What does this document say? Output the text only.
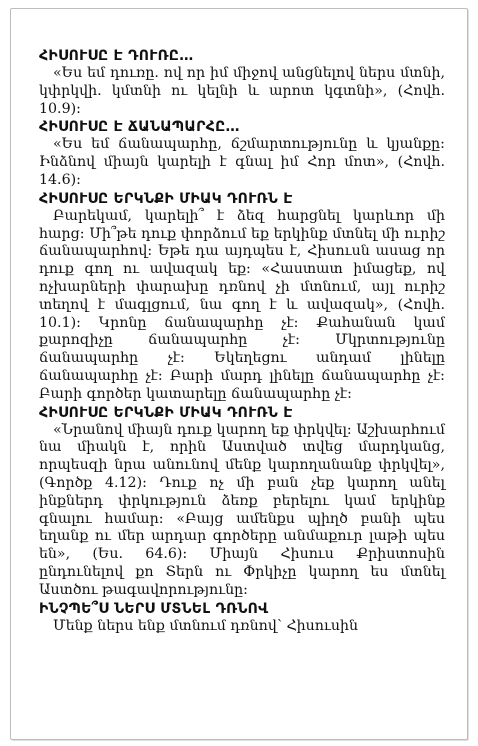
ՀԻՍՈՒՍԸ Է ԴՈՒՌԸ…

«Ես եմ դուռը. ով որ իմ միջով անցնելով ներս մտնի, կփրկվի. կմտնի ու կելնի և արոտ կգտնի», (Հովհ. 10.9):

ՀԻՍՈՒՍԸ Է ՃԱՆԱՊԱՐՀԸ…

«Ես եմ ճանապարհը, ճշմարտությունը և կյանքը։ Ինձնով միայն կարելի է գնալ իմ Հոր մոտ», (Հովհ. 14.6):

ՀԻՍՈՒՍԸ ԵՐԿՆՔԻ ՄԻԱԿ ԴՈՒՌՆ Է

Բարեկամ, կարելի՞ է ձեզ հարցնել կարևոր մի հարց։ Մի՞թե դուք փորձում եք երկինք մտնել մի ուրիշ ճանապարհով։ Եթե դա այդպես է, Հիսուսն ասաց որ դուք գող ու ավազակ եք։ «Հաստատ իմացեք, ով ոչխարների փարախը դռնով չի մտնում, այլ ուրիշ տեղով է մագլցում, նա գող է և ավազակ», (Հովհ. 10.1): Կրոնը ճանապարհը չէ։ Քահանան կամ քարոզիչը ճանապարհը չէ։ Մկրտությունը ճանապարհը չէ։ Եկեղեցու անդամ լինելը ճանապարհը չէ։ Բարի մարդ լինելը ճանապարհը չէ։ Բարի գործեր կատարելը ճանապարհը չէ։

ՀԻՍՈՒՍԸ ԵՐԿՆՔԻ ՄԻԱԿ ԴՈՒՌՆ Է

«Նրանով միայն դուք կարող եք փրկվել։ Աշխարհում նա միակն է, որին Աստված տվեց մարդկանց, որպեսզի նրա անունով մենք կարողանանք փրկվել», (Գործք 4.12): Դուք ոչ մի բան չեք կարող անել ինքներդ փրկություն ձեռք բերելու կամ երկինք գնալու համար։ «Բայց ամենքս պիղծ բանի պես եղանք ու մեր արդար գործերը անմաքուր լաթի պես են», (Ես. 64.6): Միայն Հիսուս Քրիստոսին ընդունելով քո Տերն ու Փրկիչը կարող ես մտնել Աստծու թագավորությունը։

ԻՆՉՊԵ՞Ս ՆԵՐՍ ՄՏՆԵԼ ԴՌՆՈՎ

Մենք ներս ենք մտնում դռնով՝ Հիսուսին
